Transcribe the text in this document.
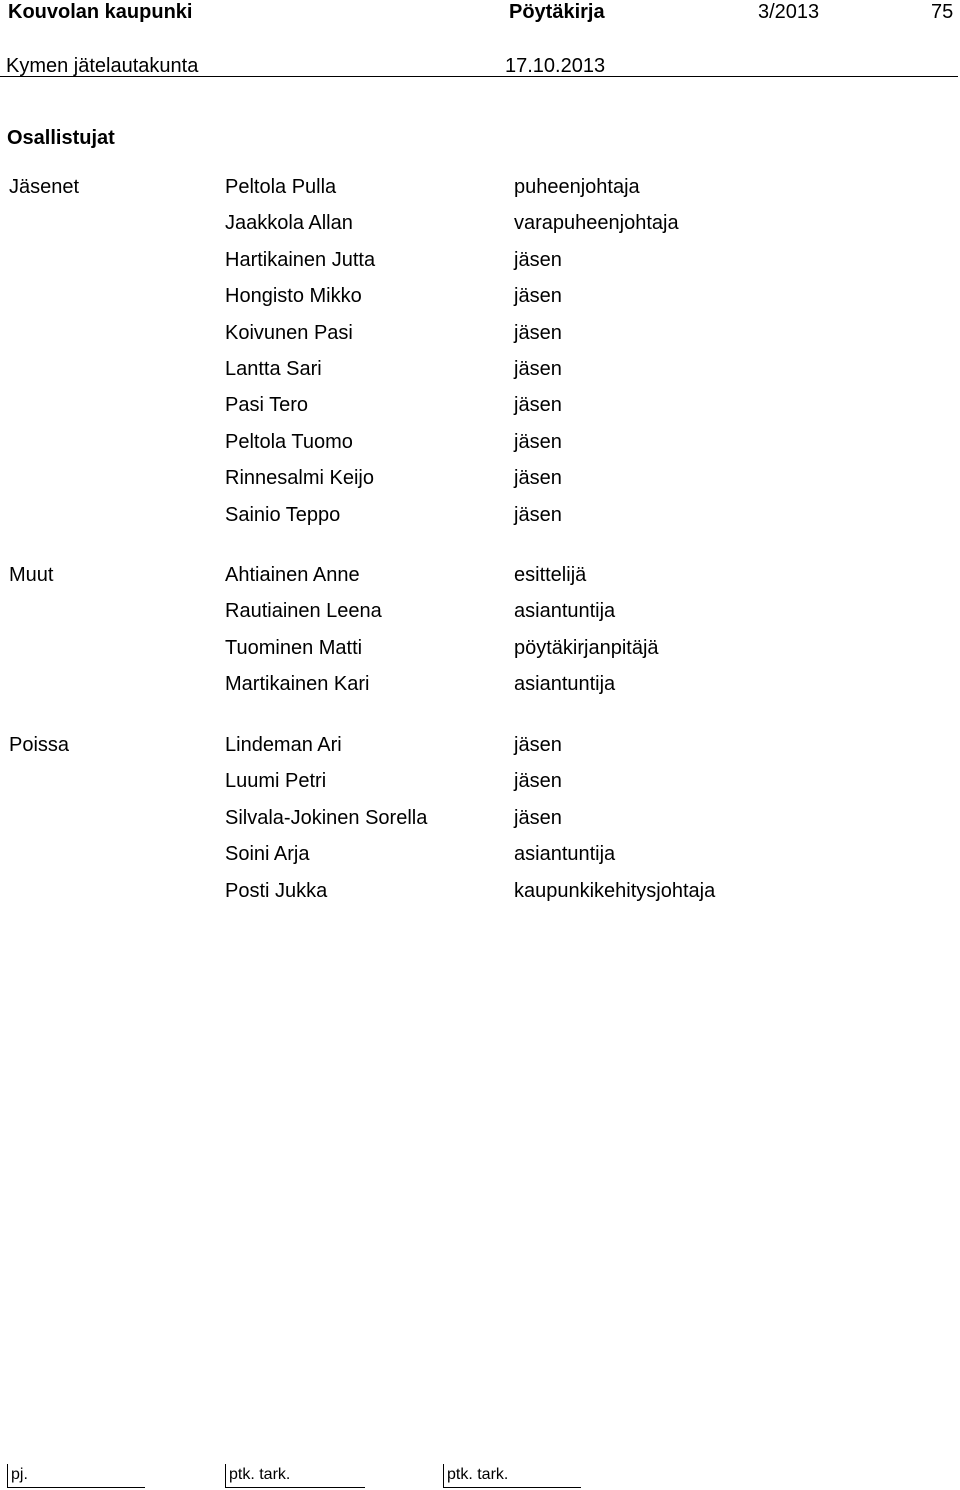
Kouvolan kaupunki	Pöytäkirja	3/2013	75
Kymen jätelautakunta	17.10.2013
Osallistujat
Jäsenet	Peltola Pulla	puheenjohtaja
Jaakkola Allan	varapuheenjohtaja
Hartikainen Jutta	jäsen
Hongisto Mikko	jäsen
Koivunen Pasi	jäsen
Lantta Sari	jäsen
Pasi Tero	jäsen
Peltola Tuomo	jäsen
Rinnesalmi Keijo	jäsen
Sainio Teppo	jäsen
Muut	Ahtiainen Anne	esittelijä
Rautiainen Leena	asiantuntija
Tuominen Matti	pöytäkirjanpitäjä
Martikainen Kari	asiantuntija
Poissa	Lindeman Ari	jäsen
Luumi Petri	jäsen
Silvala-Jokinen Sorella	jäsen
Soini Arja	asiantuntija
Posti Jukka	kaupunkikehitysjohtaja
pj.	ptk. tark.	ptk. tark.
